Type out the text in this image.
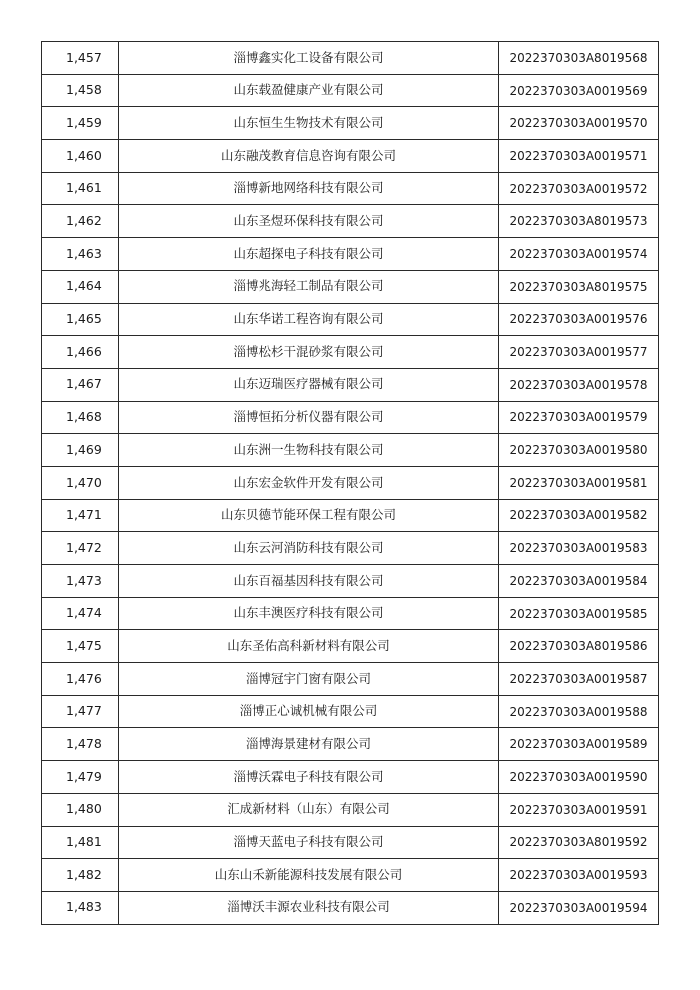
1,457	淄博鑫实化工设备有限公司	2022370303A8019568
1,458	山东载盈健康产业有限公司	2022370303A0019569
1,459	山东恒生生物技术有限公司	2022370303A0019570
1,460	山东融茂教育信息咨询有限公司	2022370303A0019571
1,461	淄博新地网络科技有限公司	2022370303A0019572
1,462	山东圣煜环保科技有限公司	2022370303A8019573
1,463	山东超探电子科技有限公司	2022370303A0019574
1,464	淄博兆海轻工制品有限公司	2022370303A8019575
1,465	山东华诺工程咨询有限公司	2022370303A0019576
1,466	淄博松杉干混砂浆有限公司	2022370303A0019577
1,467	山东迈瑞医疗器械有限公司	2022370303A0019578
1,468	淄博恒拓分析仪器有限公司	2022370303A0019579
1,469	山东洲一生物科技有限公司	2022370303A0019580
1,470	山东宏金软件开发有限公司	2022370303A0019581
1,471	山东贝德节能环保工程有限公司	2022370303A0019582
1,472	山东云河消防科技有限公司	2022370303A0019583
1,473	山东百福基因科技有限公司	2022370303A0019584
1,474	山东丰澳医疗科技有限公司	2022370303A0019585
1,475	山东圣佑高科新材料有限公司	2022370303A8019586
1,476	淄博冠宇门窗有限公司	2022370303A0019587
1,477	淄博正心诚机械有限公司	2022370303A0019588
1,478	淄博海景建材有限公司	2022370303A0019589
1,479	淄博沃霖电子科技有限公司	2022370303A0019590
1,480	汇成新材料（山东）有限公司	2022370303A0019591
1,481	淄博天蓝电子科技有限公司	2022370303A8019592
1,482	山东山禾新能源科技发展有限公司	2022370303A0019593
1,483	淄博沃丰源农业科技有限公司	2022370303A0019594
